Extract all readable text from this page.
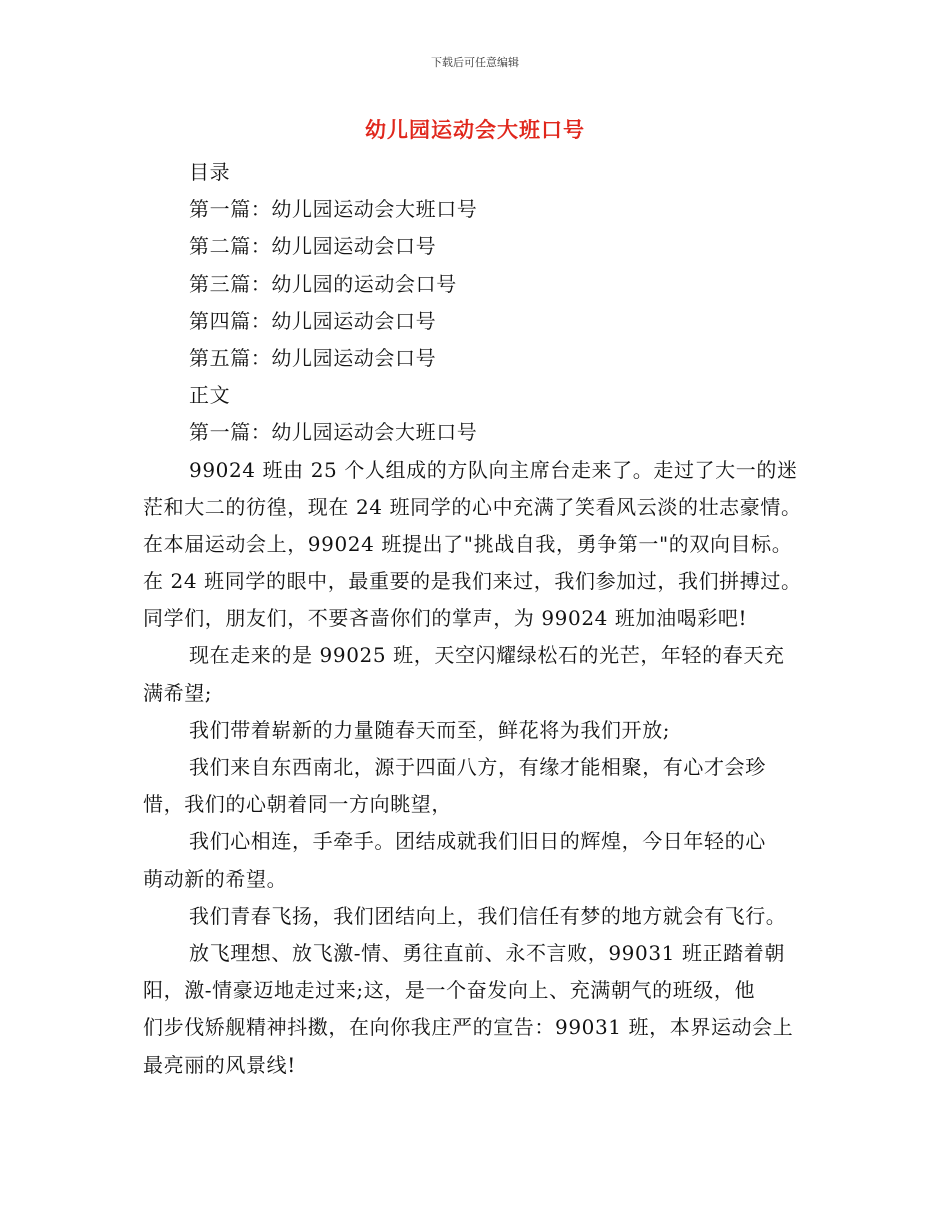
下载后可任意编辑
幼儿园运动会大班口号
目录
第一篇：幼儿园运动会大班口号
第二篇：幼儿园运动会口号
第三篇：幼儿园的运动会口号
第四篇：幼儿园运动会口号
第五篇：幼儿园运动会口号
正文
第一篇：幼儿园运动会大班口号
99024 班由 25 个人组成的方队向主席台走来了。走过了大一的迷
茫和大二的彷徨，现在 24 班同学的心中充满了笑看风云淡的壮志豪情。
在本届运动会上，99024 班提出了"挑战自我，勇争第一"的双向目标。
在 24 班同学的眼中，最重要的是我们来过，我们参加过，我们拼搏过。
同学们，朋友们，不要吝啬你们的掌声，为 99024 班加油喝彩吧!
现在走来的是 99025 班，天空闪耀绿松石的光芒，年轻的春天充
满希望;
我们带着崭新的力量随春天而至，鲜花将为我们开放;
我们来自东西南北，源于四面八方，有缘才能相聚，有心才会珍
惜，我们的心朝着同一方向眺望，
我们心相连，手牵手。团结成就我们旧日的辉煌，今日年轻的心
萌动新的希望。
我们青春飞扬，我们团结向上，我们信任有梦的地方就会有飞行。
放飞理想、放飞激-情、勇往直前、永不言败，99031 班正踏着朝
阳，激-情豪迈地走过来;这，是一个奋发向上、充满朝气的班级，他
们步伐矫舰精神抖擞，在向你我庄严的宣告：99031 班，本界运动会上
最亮丽的风景线!
